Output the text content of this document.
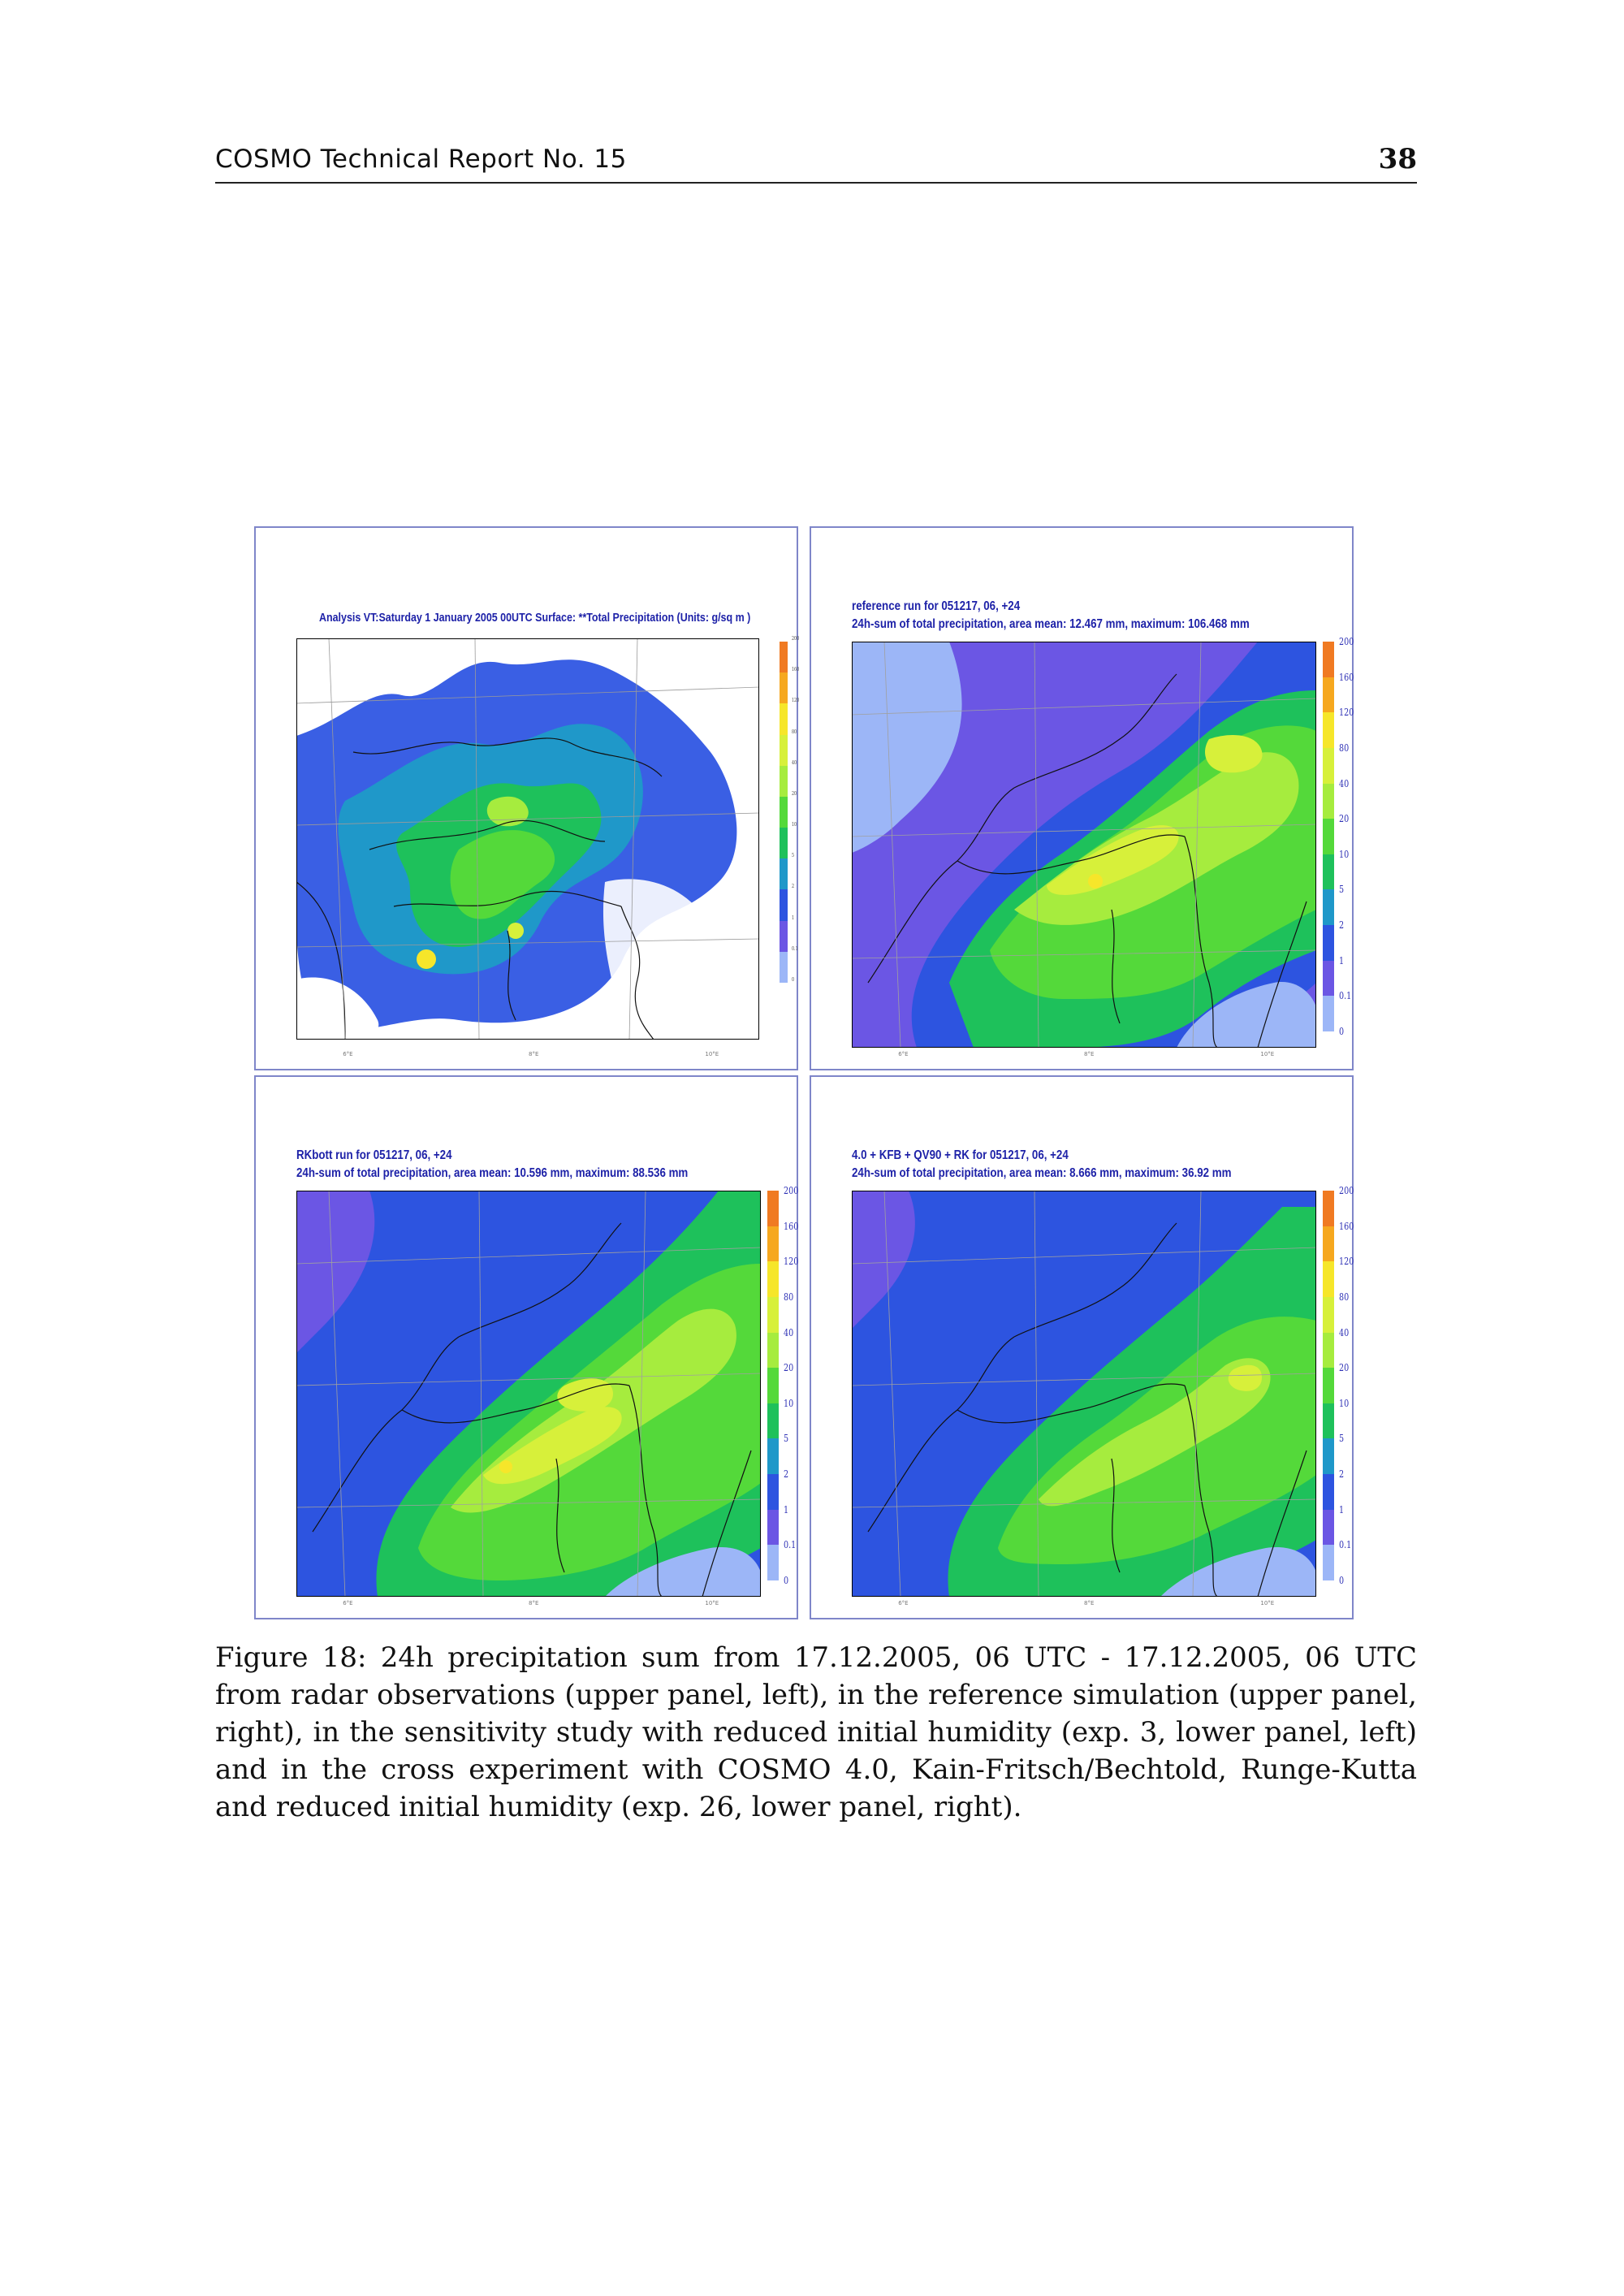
COSMO Technical Report No. 15	38
Analysis VT:Saturday 1 January 2005 00UTC Surface: **Total Precipitation (Units: g/sq m )
200
160
120
80
40
20
10
5
2
1
0.1
0
6°E	8°E	10°E
reference run for 051217, 06, +24
24h-sum of total precipitation, area mean: 12.467 mm, maximum: 106.468 mm
200
160
120
80
40
20
10
5
2
1
0.1
0
6°E	8°E	10°E
RKbott run for 051217, 06, +24
24h-sum of total precipitation, area mean: 10.596 mm, maximum: 88.536 mm
200
160
120
80
40
20
10
5
2
1
0.1
0
6°E	8°E	10°E
4.0 + KFB + QV90 + RK for 051217, 06, +24
24h-sum of total precipitation, area mean: 8.666 mm, maximum: 36.92 mm
200
160
120
80
40
20
10
5
2
1
0.1
0
6°E	8°E	10°E
Figure 18: 24h precipitation sum from 17.12.2005, 06 UTC - 17.12.2005, 06 UTC from radar observations (upper panel, left), in the reference simulation (upper panel, right), in the sensitivity study with reduced initial humidity (exp. 3, lower panel, left) and in the cross experiment with COSMO 4.0, Kain-Fritsch/Bechtold, Runge-Kutta and reduced initial humidity (exp. 26, lower panel, right).
